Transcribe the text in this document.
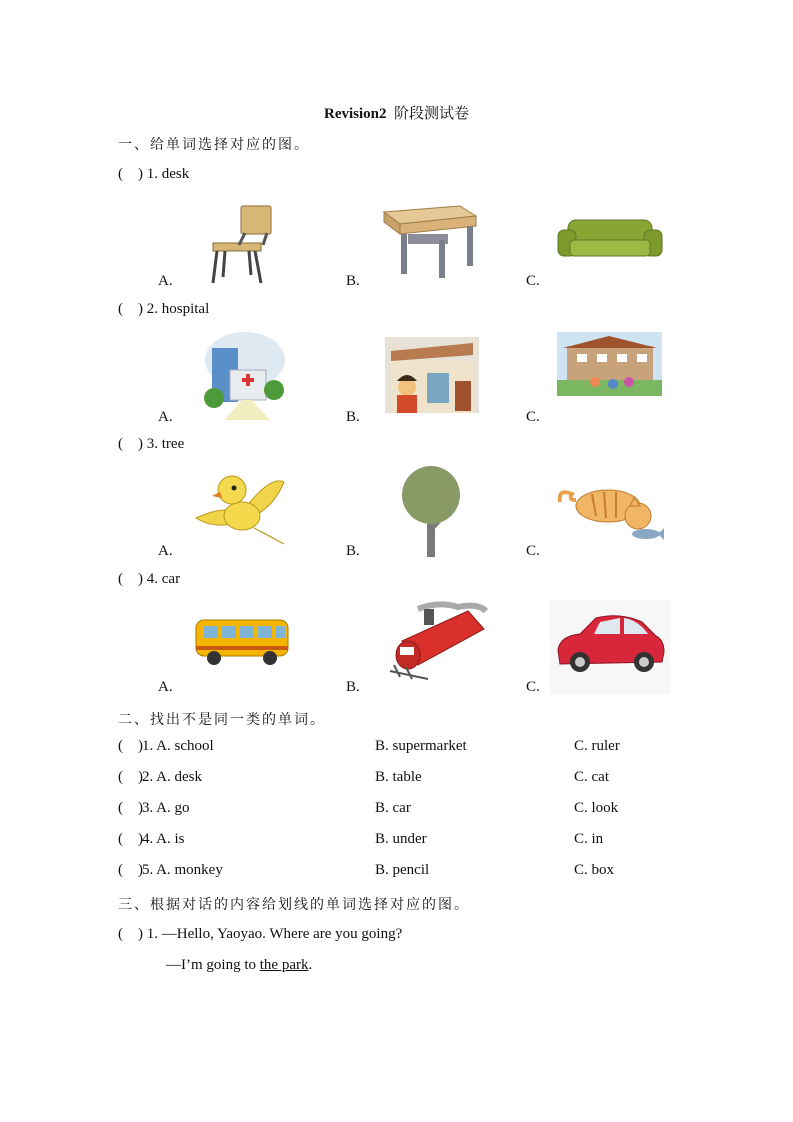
Revision2 阶段测试卷
一、给单词选择对应的图。
(    ) 1. desk
A.	B.	C.
(    ) 2. hospital
A.	B.	C.
(    ) 3. tree
A.	B.	C.
(    ) 4. car
A.	B.	C.
二、找出不是同一类的单词。
(    ) 1. A. school	B. supermarket	C. ruler
(    ) 2. A. desk	B. table	C. cat
(    ) 3. A. go	B. car	C. look
(    ) 4. A. is	B. under	C. in
(    ) 5. A. monkey	B. pencil	C. box
三、根据对话的内容给划线的单词选择对应的图。
(    ) 1. —Hello, Yaoyao. Where are you going?
—I’m going to the park.
